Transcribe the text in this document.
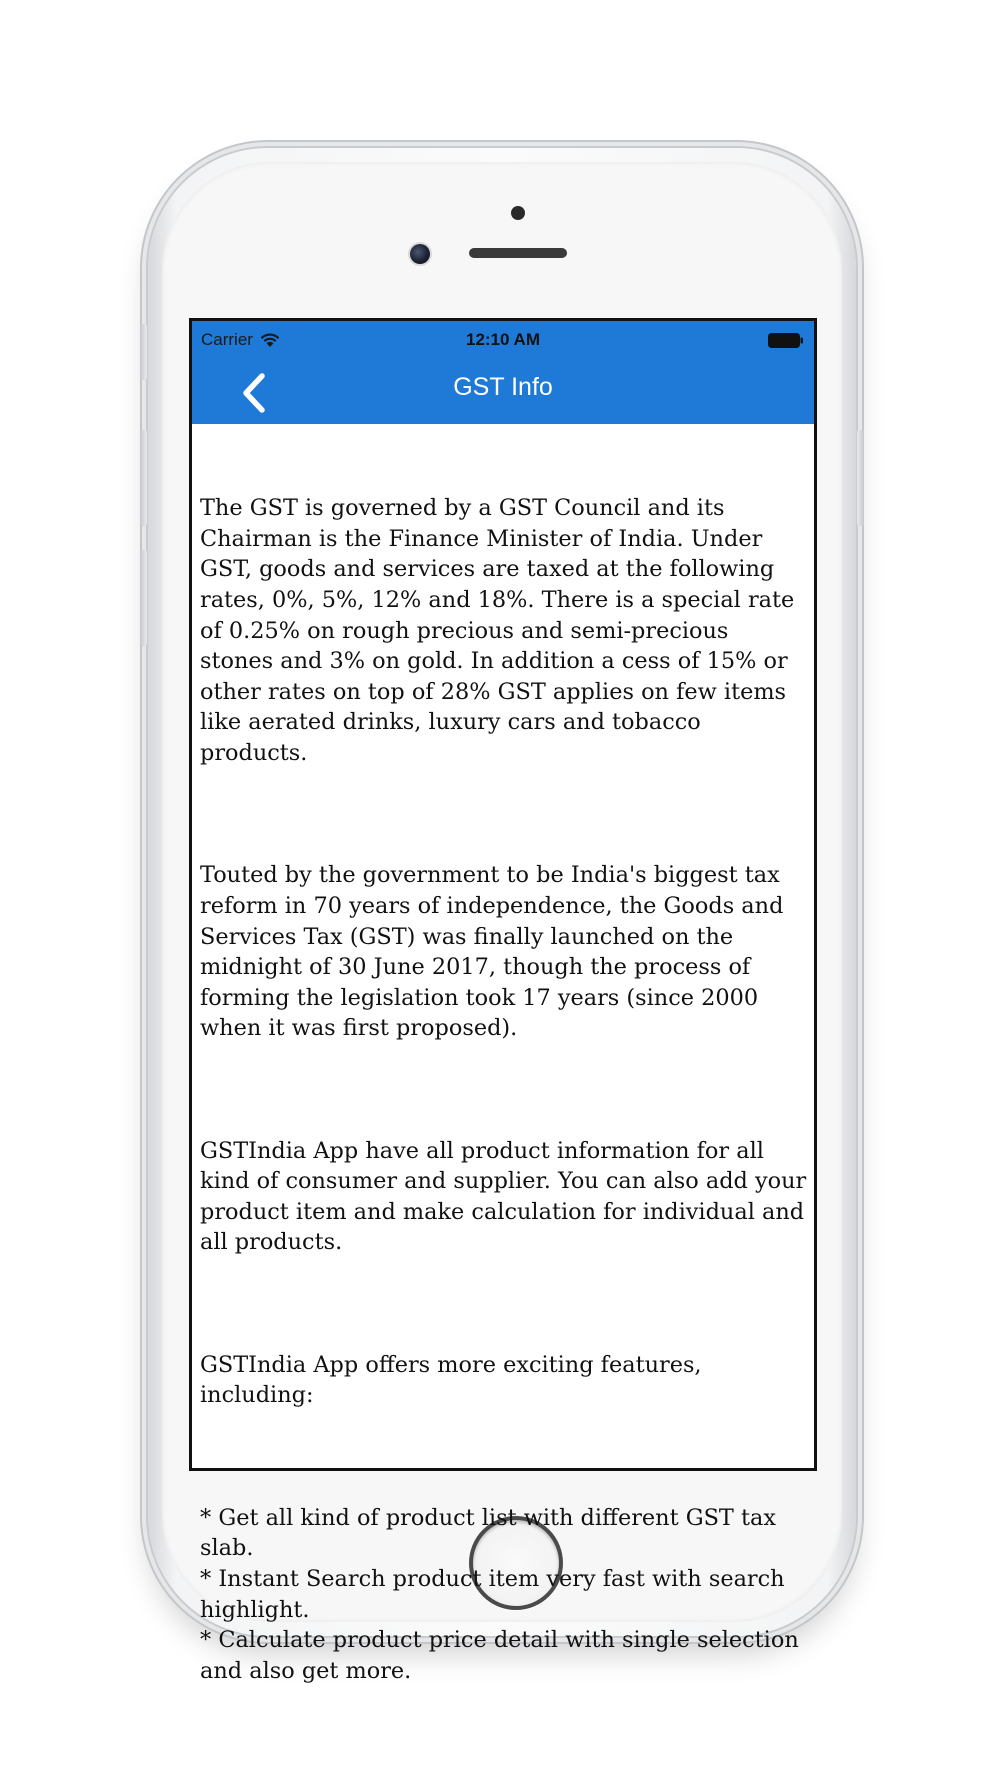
Carrier	12:10 AM
GST Info

The GST is governed by a GST Council and its Chairman is the Finance Minister of India. Under GST, goods and services are taxed at the following rates, 0%, 5%, 12% and 18%. There is a special rate of 0.25% on rough precious and semi-precious stones and 3% on gold. In addition a cess of 15% or other rates on top of 28% GST applies on few items like aerated drinks, luxury cars and tobacco products.

Touted by the government to be India's biggest tax reform in 70 years of independence, the Goods and Services Tax (GST) was finally launched on the midnight of 30 June 2017, though the process of forming the legislation took 17 years (since 2000 when it was first proposed).

GSTIndia App have all product information for all kind of consumer and supplier. You can also add your product item and make calculation for individual and all products.

GSTIndia App offers more exciting features, including:

* Get all kind of product list with different GST tax slab.
* Instant Search product item very fast with search highlight.
* Calculate product price detail with single selection and also get more.
